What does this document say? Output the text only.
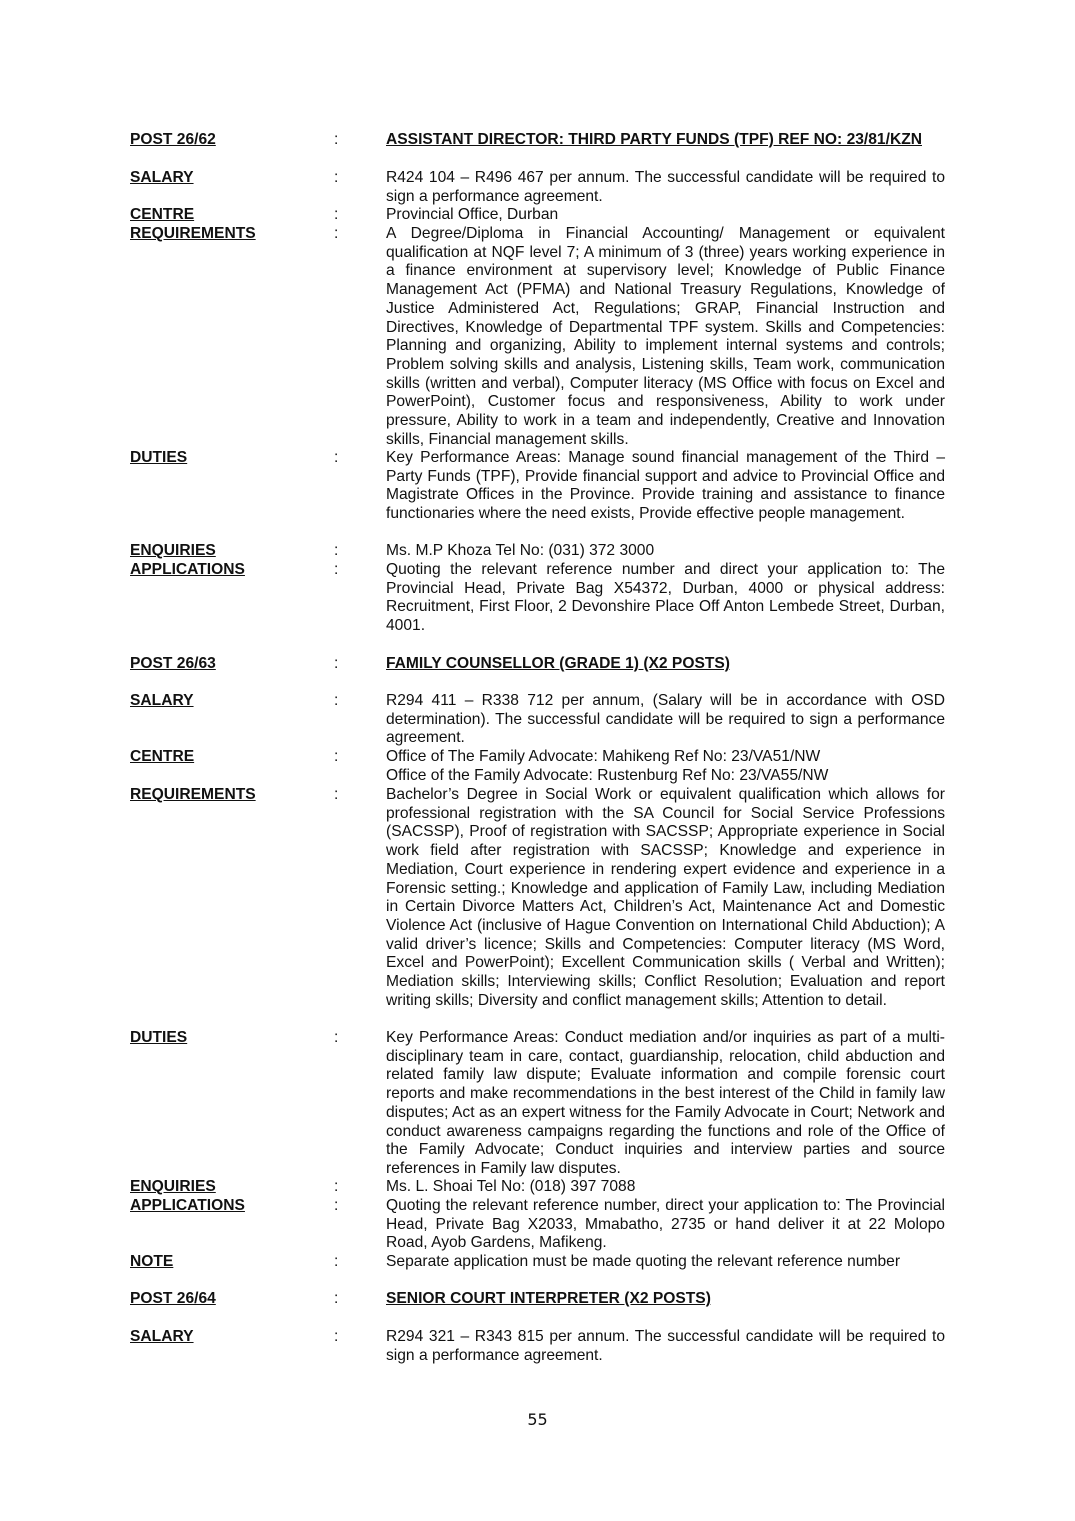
POST 26/62	:	ASSISTANT DIRECTOR: THIRD PARTY FUNDS (TPF) REF NO: 23/81/KZN
SALARY	:	R424 104 – R496 467 per annum. The successful candidate will be required to sign a performance agreement.
CENTRE	:	Provincial Office, Durban
REQUIREMENTS	:	A Degree/Diploma in Financial Accounting/ Management or equivalent qualification at NQF level 7; A minimum of 3 (three) years working experience in a finance environment at supervisory level; Knowledge of Public Finance Management Act (PFMA) and National Treasury Regulations, Knowledge of Justice Administered Act, Regulations; GRAP, Financial Instruction and Directives, Knowledge of Departmental TPF system. Skills and Competencies: Planning and organizing, Ability to implement internal systems and controls; Problem solving skills and analysis, Listening skills, Team work, communication skills (written and verbal), Computer literacy (MS Office with focus on Excel and PowerPoint), Customer focus and responsiveness, Ability to work under pressure, Ability to work in a team and independently, Creative and Innovation skills, Financial management skills.
DUTIES	:	Key Performance Areas: Manage sound financial management of the Third – Party Funds (TPF), Provide financial support and advice to Provincial Office and Magistrate Offices in the Province. Provide training and assistance to finance functionaries where the need exists, Provide effective people management.
ENQUIRIES	:	Ms. M.P Khoza Tel No: (031) 372 3000
APPLICATIONS	:	Quoting the relevant reference number and direct your application to: The Provincial Head, Private Bag X54372, Durban, 4000 or physical address: Recruitment, First Floor, 2 Devonshire Place Off Anton Lembede Street, Durban, 4001.
POST 26/63	:	FAMILY COUNSELLOR (GRADE 1) (X2 POSTS)
SALARY	:	R294 411 – R338 712 per annum, (Salary will be in accordance with OSD determination). The successful candidate will be required to sign a performance agreement.
CENTRE	:	Office of The Family Advocate: Mahikeng Ref No: 23/VA51/NW
Office of the Family Advocate: Rustenburg Ref No: 23/VA55/NW
REQUIREMENTS	:	Bachelor’s Degree in Social Work or equivalent qualification which allows for professional registration with the SA Council for Social Service Professions (SACSSP), Proof of registration with SACSSP; Appropriate experience in Social work field after registration with SACSSP; Knowledge and experience in Mediation, Court experience in rendering expert evidence and experience in a Forensic setting.; Knowledge and application of Family Law, including Mediation in Certain Divorce Matters Act, Children’s Act, Maintenance Act and Domestic Violence Act (inclusive of Hague Convention on International Child Abduction); A valid driver’s licence; Skills and Competencies: Computer literacy (MS Word, Excel and PowerPoint); Excellent Communication skills ( Verbal and Written); Mediation skills; Interviewing skills; Conflict Resolution; Evaluation and report writing skills; Diversity and conflict management skills; Attention to detail.
DUTIES	:	Key Performance Areas: Conduct mediation and/or inquiries as part of a multi-disciplinary team in care, contact, guardianship, relocation, child abduction and related family law dispute; Evaluate information and compile forensic court reports and make recommendations in the best interest of the Child in family law disputes; Act as an expert witness for the Family Advocate in Court; Network and conduct awareness campaigns regarding the functions and role of the Office of the Family Advocate; Conduct inquiries and interview parties and source references in Family law disputes.
ENQUIRIES	:	Ms. L. Shoai Tel No: (018) 397 7088
APPLICATIONS	:	Quoting the relevant reference number, direct your application to: The Provincial Head, Private Bag X2033, Mmabatho, 2735 or hand deliver it at 22 Molopo Road, Ayob Gardens, Mafikeng.
NOTE	:	Separate application must be made quoting the relevant reference number
POST 26/64	:	SENIOR COURT INTERPRETER (X2 POSTS)
SALARY	:	R294 321 – R343 815 per annum. The successful candidate will be required to sign a performance agreement.
55
